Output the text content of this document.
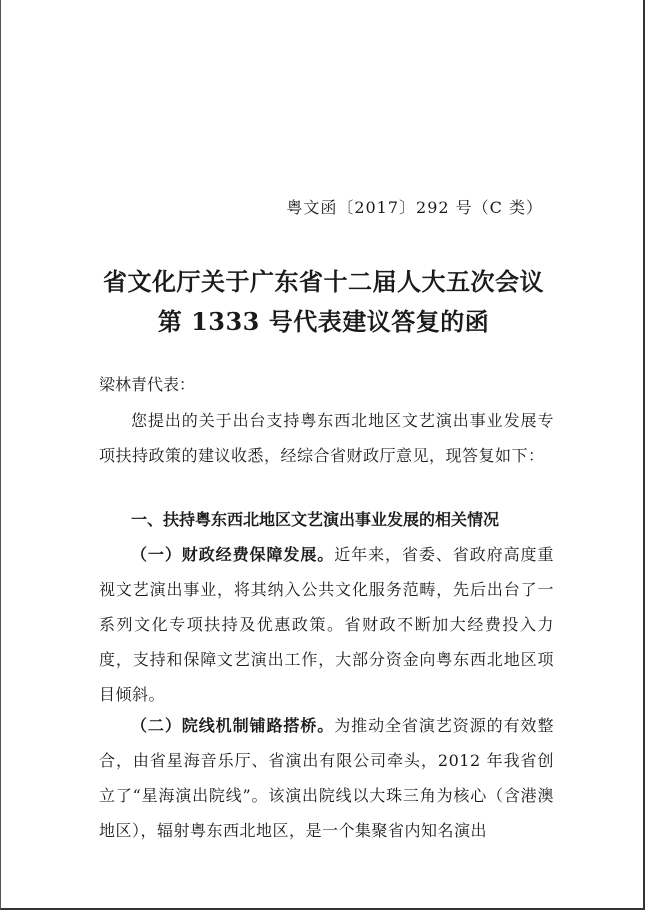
粤文函〔2017〕292 号（C 类）
省文化厅关于广东省十二届人大五次会议
第 1333 号代表建议答复的函
梁林青代表：
您提出的关于出台支持粤东西北地区文艺演出事业发展专项扶持政策的建议收悉，经综合省财政厅意见，现答复如下：
一、扶持粤东西北地区文艺演出事业发展的相关情况
（一）财政经费保障发展。近年来，省委、省政府高度重视文艺演出事业，将其纳入公共文化服务范畴，先后出台了一系列文化专项扶持及优惠政策。省财政不断加大经费投入力度，支持和保障文艺演出工作，大部分资金向粤东西北地区项目倾斜。
（二）院线机制铺路搭桥。为推动全省演艺资源的有效整合，由省星海音乐厅、省演出有限公司牵头，2012 年我省创立了“星海演出院线”。该演出院线以大珠三角为核心（含港澳地区），辐射粤东西北地区，是一个集聚省内知名演出
